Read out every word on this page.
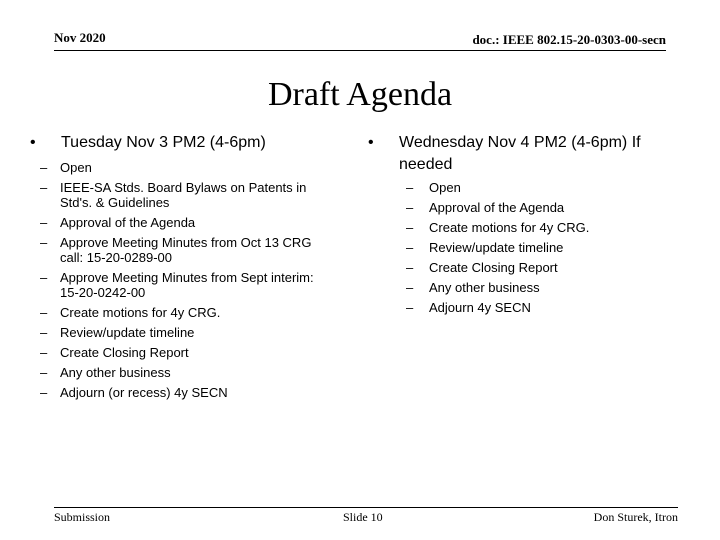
Nov 2020	doc.: IEEE 802.15-20-0303-00-secn
Draft Agenda
•	Tuesday Nov 3 PM2 (4-6pm)
– Open
– IEEE-SA Stds. Board Bylaws on Patents in Std's. & Guidelines
– Approval of the Agenda
– Approve Meeting Minutes from Oct 13 CRG call: 15-20-0289-00
– Approve Meeting Minutes from Sept interim: 15-20-0242-00
– Create motions for 4y CRG.
– Review/update timeline
– Create Closing Report
– Any other business
– Adjourn (or recess) 4y SECN
•	Wednesday Nov 4 PM2 (4-6pm) If needed
–	Open
–	Approval of the Agenda
–	Create motions for 4y CRG.
–	Review/update timeline
–	Create Closing Report
–	Any other business
–	Adjourn 4y SECN
Submission	Slide 10	Don Sturek, Itron
